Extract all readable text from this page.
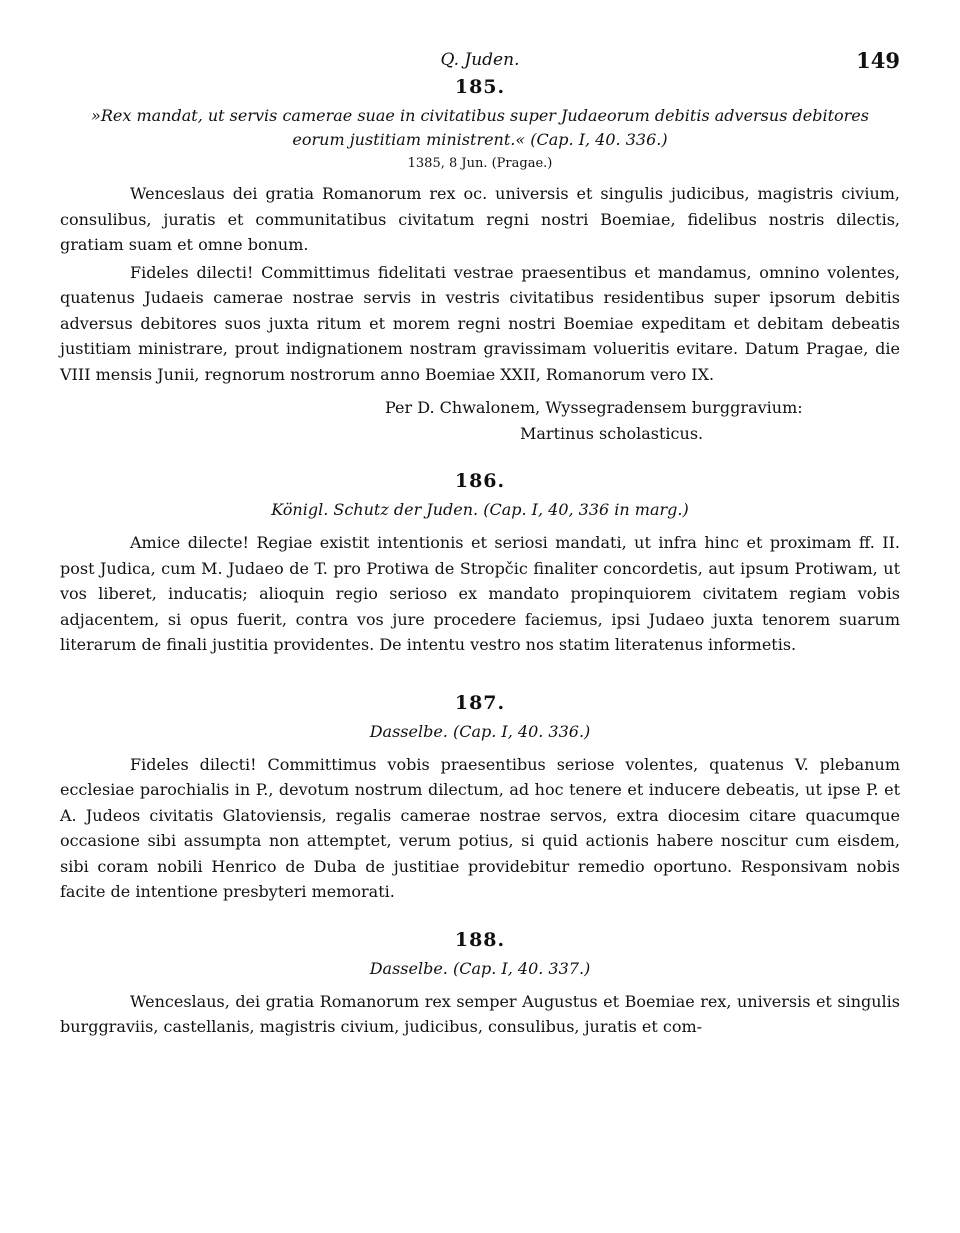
Q. Juden.	149
185.

»Rex mandat, ut servis camerae suae in civitatibus super Judaeorum debitis adversus debitores

eorum justitiam ministrent.« (Cap. I, 40. 336.)

1385, 8 Jun. (Pragae.)

Wenceslaus dei gratia Romanorum rex oc. universis et singulis judicibus, magistris civium, consulibus, juratis et communitatibus civitatum regni nostri Boemiae, fidelibus nostris dilectis, gratiam suam et omne bonum.

Fideles dilecti! Committimus fidelitati vestrae praesentibus et mandamus, omnino volentes, quatenus Judaeis camerae nostrae servis in vestris civitatibus residentibus super ipsorum debitis adversus debitores suos juxta ritum et morem regni nostri Boemiae expeditam et debitam debeatis justitiam ministrare, prout indignationem nostram gravissimam volueritis evitare. Datum Pragae, die VIII mensis Junii, regnorum nostrorum anno Boemiae XXII, Romanorum vero IX.

Per D. Chwalonem, Wyssegradensem burggravium:

Martinus scholasticus.

186.

Königl. Schutz der Juden. (Cap. I, 40, 336 in marg.)

Amice dilecte! Regiae existit intentionis et seriosi mandati, ut infra hinc et proximam ff. II. post Judica, cum M. Judaeo de T. pro Protiwa de Stropčic finaliter concordetis, aut ipsum Protiwam, ut vos liberet, inducatis; alioquin regio serioso ex mandato propinquiorem civitatem regiam vobis adjacentem, si opus fuerit, contra vos jure procedere faciemus, ipsi Judaeo juxta tenorem suarum literarum de finali justitia providentes. De intentu vestro nos statim literatenus informetis.

187.

Dasselbe. (Cap. I, 40. 336.)

Fideles dilecti! Committimus vobis praesentibus seriose volentes, quatenus V. plebanum ecclesiae parochialis in P., devotum nostrum dilectum, ad hoc tenere et inducere debeatis, ut ipse P. et A. Judeos civitatis Glatoviensis, regalis camerae nostrae servos, extra diocesim citare quacumque occasione sibi assumpta non attemptet, verum potius, si quid actionis habere noscitur cum eisdem, sibi coram nobili Henrico de Duba de justitiae providebitur remedio oportuno. Responsivam nobis facite de intentione presbyteri memorati.

188.

Dasselbe. (Cap. I, 40. 337.)

Wenceslaus, dei gratia Romanorum rex semper Augustus et Boemiae rex, universis et singulis burggraviis, castellanis, magistris civium, judicibus, consulibus, juratis et com-
